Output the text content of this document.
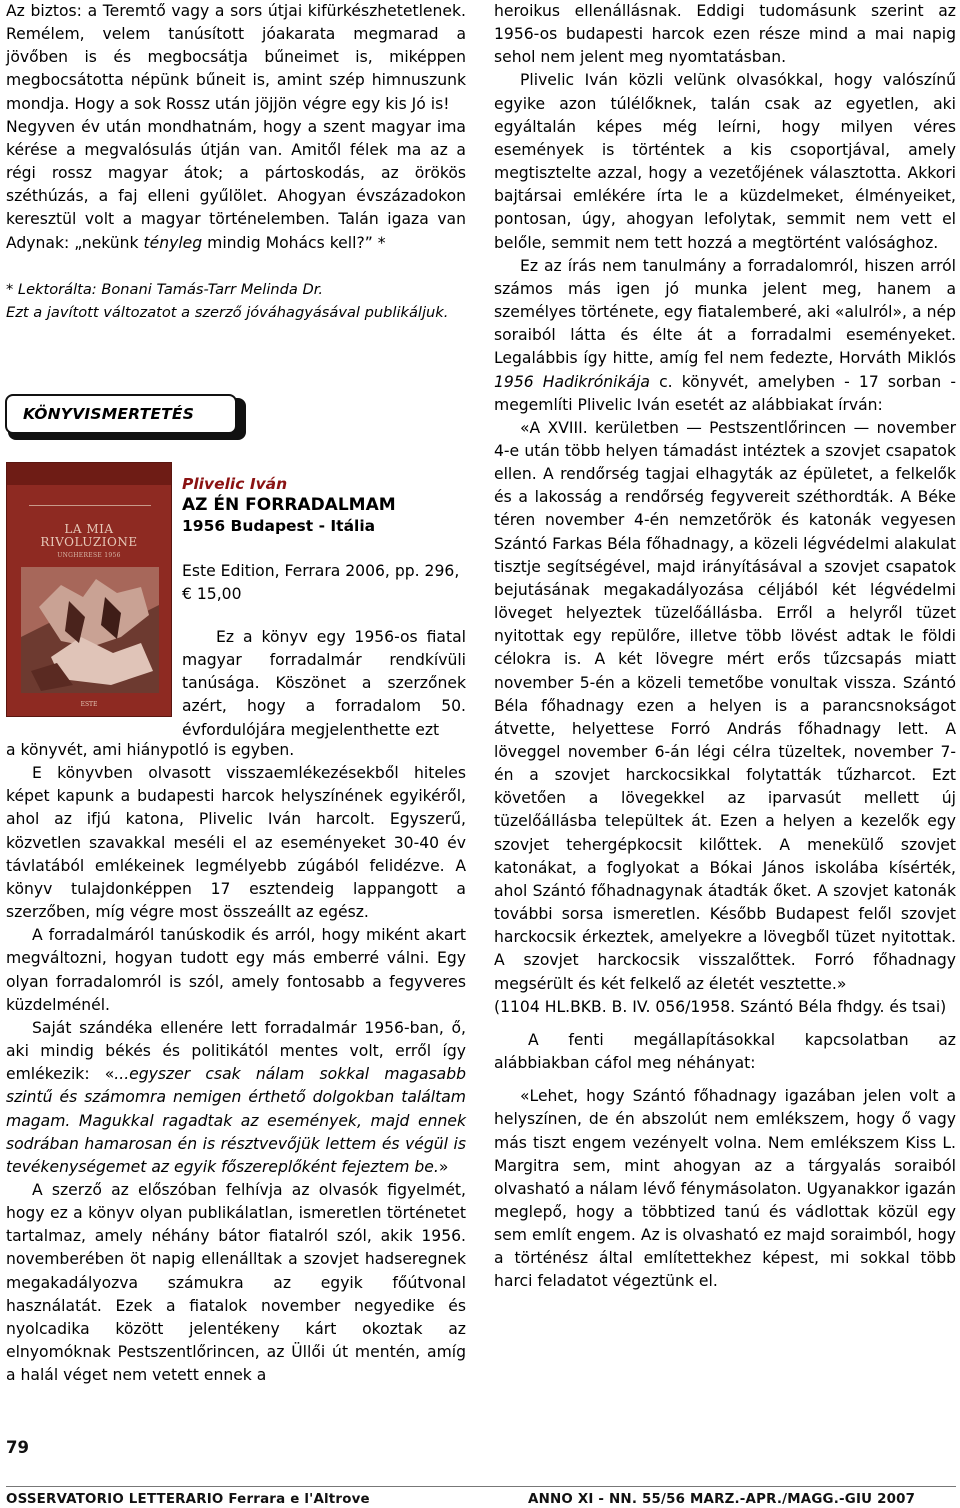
Az biztos: a Teremtő vagy a sors útjai kifürkészhetetlenek. Remélem, velem tanúsított jóakarata megmarad a jövőben is és megbocsátja bűneimet is, miképpen megbocsátotta népünk bűneit is, amint szép himnuszunk mondja. Hogy a sok Rossz után jöjjön végre egy kis Jó is!

Negyven év után mondhatnám, hogy a szent magyar ima kérése a megvalósulás útján van. Amitől félek ma az a régi rossz magyar átok; a pártoskodás, az örökös széthúzás, a faj elleni gyűlölet. Ahogyan évszázadokon keresztül volt a magyar történelemben. Talán igaza van Adynak: „nekünk tényleg mindig Mohács kell?” *

* Lektorálta: Bonani Tamás-Tarr Melinda Dr.

Ezt a javított változatot a szerző jóváhagyásával publikáljuk.

KÖNYVISMERTETÉS
LA MIA
RIVOLUZIONE
UNGHERESE 1956
ESTE
Plivelic Iván
AZ ÉN FORRADALMAM
1956 Budapest - Itália
Este Edition, Ferrara 2006, pp. 296, € 15,00
Ez a könyv egy 1956-os fiatal magyar forradalmár rendkívüli tanúsága. Köszönet a szerzőnek azért, hogy a forradalom 50. évfordulójára megjelenthette ezt

a könyvét, ami hiánypotló is egyben.

E könyvben olvasott visszaemlékezésekből hiteles képet kapunk a budapesti harcok helyszínének egyikéről, ahol az ifjú katona, Plivelic Iván harcolt. Egyszerű, közvetlen szavakkal meséli el az eseményeket 30-40 év távlatából emlékeinek legmélyebb zúgából felidézve. A könyv tulajdonképpen 17 esztendeig lappangott a szerzőben, míg végre most összeállt az egész.

A forradalmáról tanúskodik és arról, hogy miként akart megváltozni, hogyan tudott egy más emberré válni. Egy olyan forradalomról is szól, amely fontosabb a fegyveres küzdelménél.

Saját szándéka ellenére lett forradalmár 1956-ban, ő, aki mindig békés és politikától mentes volt, erről így emlékezik: «...egyszer csak nálam sokkal magasabb szintű és számomra nemigen érthető dolgokban találtam magam. Magukkal ragadtak az események, majd ennek sodrában hamarosan én is résztvevőjük lettem és végül is tevékenységemet az egyik főszereplőként fejeztem be.»

A szerző az előszóban felhívja az olvasók figyelmét, hogy ez a könyv olyan publikálatlan, ismeretlen történetet tartalmaz, amely néhány bátor fiatalról szól, akik 1956. novemberében öt napig ellenálltak a szovjet hadseregnek megakadályozva számukra az egyik főútvonal használatát. Ezek a fiatalok november negyedike és nyolcadika között jelentékeny kárt okoztak az elnyomóknak Pestszentlőrincen, az Üllői út mentén, amíg a halál véget nem vetett ennek a

79

heroikus ellenállásnak. Eddigi tudomásunk szerint az 1956-os budapesti harcok ezen része mind a mai napig sehol nem jelent meg nyomtatásban.

Plivelic Iván közli velünk olvasókkal, hogy valószínű egyike azon túlélőknek, talán csak az egyetlen, aki egyáltalán képes még leírni, hogy milyen véres események is történtek a kis csoportjával, amely megtisztelte azzal, hogy a vezetőjének választotta. Akkori bajtársai emlékére írta le a küzdelmeket, élményeiket, pontosan, úgy, ahogyan lefolytak, semmit nem vett el belőle, semmit nem tett hozzá a megtörtént valósághoz.

Ez az írás nem tanulmány a forradalomról, hiszen arról számos más igen jó munka jelent meg, hanem a személyes története, egy fiatalemberé, aki «alulról», a nép soraiból látta és élte át a forradalmi eseményeket. Legalábbis így hitte, amíg fel nem fedezte, Horváth Miklós 1956 Hadikrónikája c. könyvét, amelyben - 17 sorban - megemlíti Plivelic Iván esetét az alábbiakat írván:

«A XVIII. kerületben — Pestszentlőrincen — november 4-e után több helyen támadást intéztek a szovjet csapatok ellen. A rendőrség tagjai elhagyták az épületet, a felkelők és a lakosság a rendőrség fegyvereit széthordták. A Béke téren november 4-én nemzetőrök és katonák vegyesen Szántó Farkas Béla főhadnagy, a közeli légvédelmi alakulat tisztje segítségével, majd irányításával a szovjet csapatok bejutásának megakadályozása céljából két légvédelmi löveget helyeztek tüzelőállásba. Erről a helyről tüzet nyitottak egy repülőre, illetve több lövést adtak le földi célokra is. A két lövegre mért erős tűzcsapás miatt november 5-én a közeli temetőbe vonultak vissza. Szántó Béla főhadnagy ezen a helyen is a parancsnokságot átvette, helyettese Forró András főhadnagy lett. A löveggel november 6-án légi célra tüzeltek, november 7-én a szovjet harckocsikkal folytatták tűzharcot. Ezt követően a lövegekkel az iparvasút mellett új tüzelőállásba települtek át. Ezen a helyen a kezelők egy szovjet tehergépkocsit kilőttek. A menekülő szovjet katonákat, a foglyokat a Bókai János iskolába kísérték, ahol Szántó főhadnagynak átadták őket. A szovjet katonák további sorsa ismeretlen. Később Budapest felől szovjet harckocsik érkeztek, amelyekre a lövegből tüzet nyitottak. A szovjet harckocsik visszalőttek. Forró főhadnagy megsérült és két felkelő az életét vesztette.»

(1104 HL.BKB. B. IV. 056/1958. Szántó Béla fhdgy. és tsai)

A fenti megállapításokkal kapcsolatban az alábbiakban cáfol meg néhányat:

«Lehet, hogy Szántó főhadnagy igazában jelen volt a helyszínen, de én abszolút nem emlékszem, hogy ő vagy más tiszt engem vezényelt volna. Nem emlékszem Kiss L. Margitra sem, mint ahogyan az a tárgyalás soraiból olvasható a nálam lévő fénymásolaton. Ugyanakkor igazán meglepő, hogy a többtized tanú és vádlottak közül egy sem említ engem. Az is olvasható ez majd soraimból, hogy a történész által említettekhez képest, mi sokkal több harci feladatot végeztünk el.

OSSERVATORIO LETTERARIO Ferrara e l'Altrove	ANNO XI - NN. 55/56 MARZ.-APR./MAGG.-GIU 2007
